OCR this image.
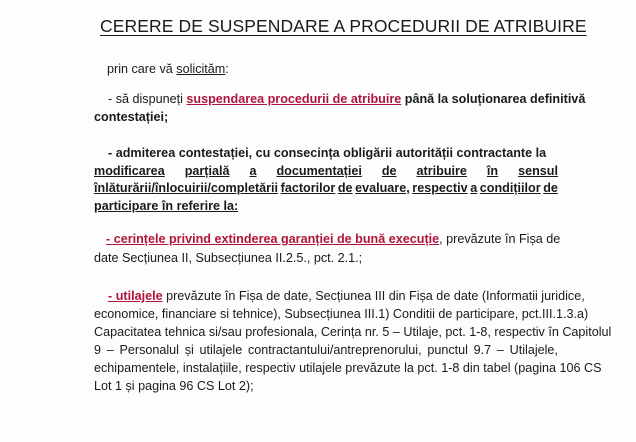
CERERE DE SUSPENDARE A PROCEDURII DE ATRIBUIRE
prin care vă solicităm:
- să dispuneți suspendarea procedurii de atribuire până la soluționarea definitivă
contestației;
- admiterea contestației, cu consecința obligării autorității contractante la
modificarea parțială a documentației de atribuire în sensul
înlăturării/înlocuirii/completării factorilor de evaluare, respectiv a condițiilor de
participare în referire la:
- cerințele privind extinderea garanției de bună execuție, prevăzute în Fișa de
date Secțiunea II, Subsecțiunea II.2.5., pct. 2.1.;
- utilajele prevăzute în Fișa de date, Secțiunea III din Fișa de date (Informatii juridice,
economice, financiare si tehnice), Subsecțiunea III.1) Conditii de participare, pct.III.1.3.a)
Capacitatea tehnica si/sau profesionala, Cerința nr. 5 – Utilaje, pct. 1-8, respectiv în Capitolul
9 – Personalul și utilajele contractantului/antreprenorului, punctul 9.7 – Utilajele,
echipamentele, instalațiile, respectiv utilajele prevăzute la pct. 1-8 din tabel (pagina 106 CS
Lot 1 și pagina 96 CS Lot 2);
